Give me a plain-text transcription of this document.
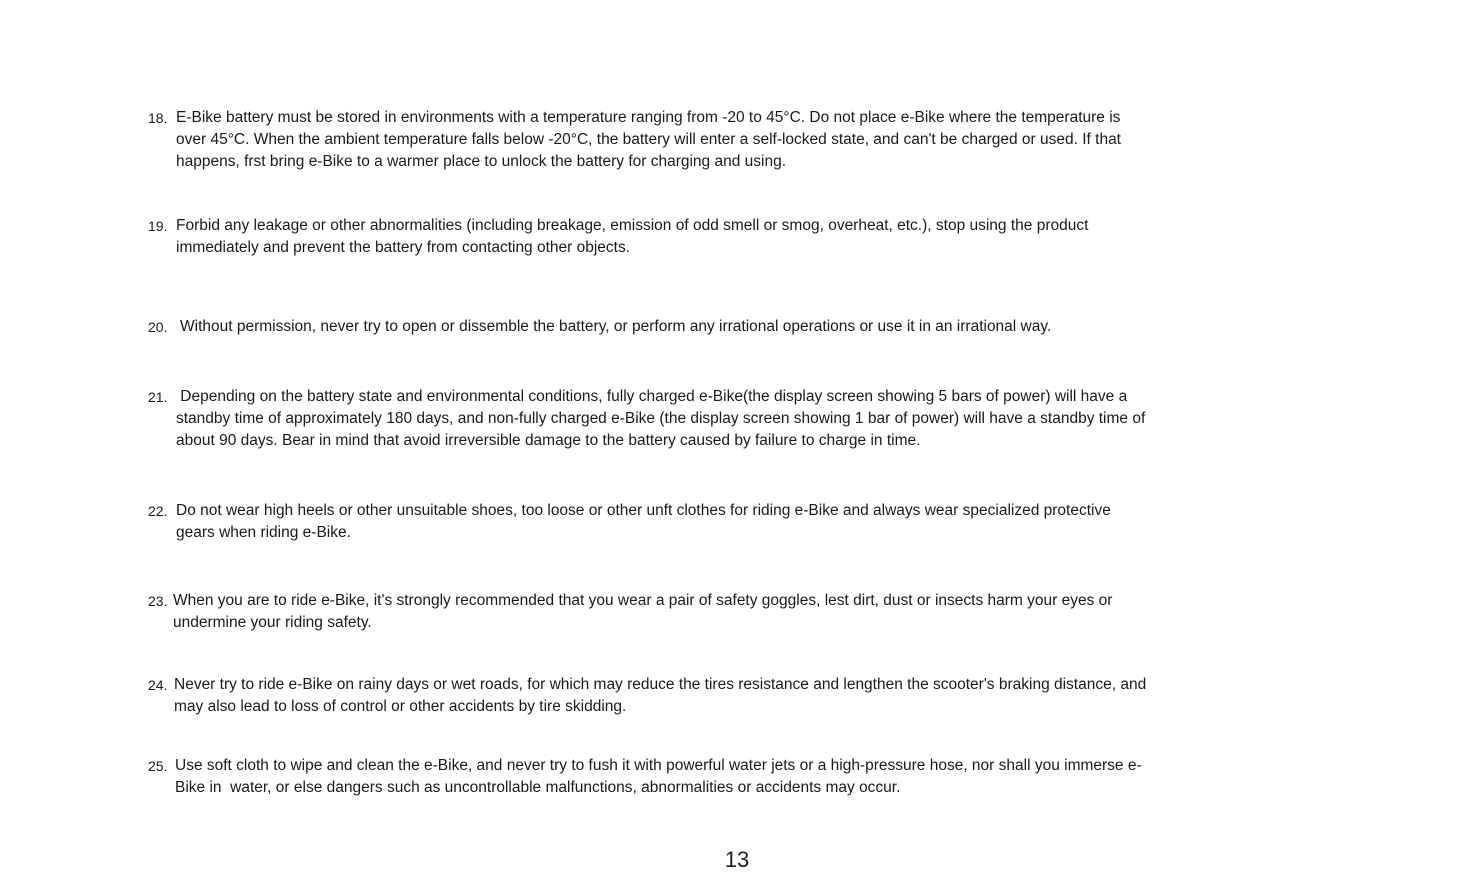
18. E-Bike battery must be stored in environments with a temperature ranging from -20 to 45°C. Do not place e-Bike where the temperature is
over 45°C. When the ambient temperature falls below -20°C, the battery will enter a self-locked state, and can't be charged or used. If that
happens, frst bring e-Bike to a warmer place to unlock the battery for charging and using.
19. Forbid any leakage or other abnormalities (including breakage, emission of odd smell or smog, overheat, etc.), stop using the product
immediately and prevent the battery from contacting other objects.
20. Without permission, never try to open or dissemble the battery, or perform any irrational operations or use it in an irrational way.
21. Depending on the battery state and environmental conditions, fully charged e-Bike(the display screen showing 5 bars of power) will have a
standby time of approximately 180 days, and non-fully charged e-Bike (the display screen showing 1 bar of power) will have a standby time of
about 90 days. Bear in mind that avoid irreversible damage to the battery caused by failure to charge in time.
22. Do not wear high heels or other unsuitable shoes, too loose or other unft clothes for riding e-Bike and always wear specialized protective
gears when riding e-Bike.
23. When you are to ride e-Bike, it's strongly recommended that you wear a pair of safety goggles, lest dirt, dust or insects harm your eyes or
undermine your riding safety.
24. Never try to ride e-Bike on rainy days or wet roads, for which may reduce the tires resistance and lengthen the scooter's braking distance, and
may also lead to loss of control or other accidents by tire skidding.
25. Use soft cloth to wipe and clean the e-Bike, and never try to fush it with powerful water jets or a high-pressure hose, nor shall you immerse e-
Bike in  water, or else dangers such as uncontrollable malfunctions, abnormalities or accidents may occur.
13
